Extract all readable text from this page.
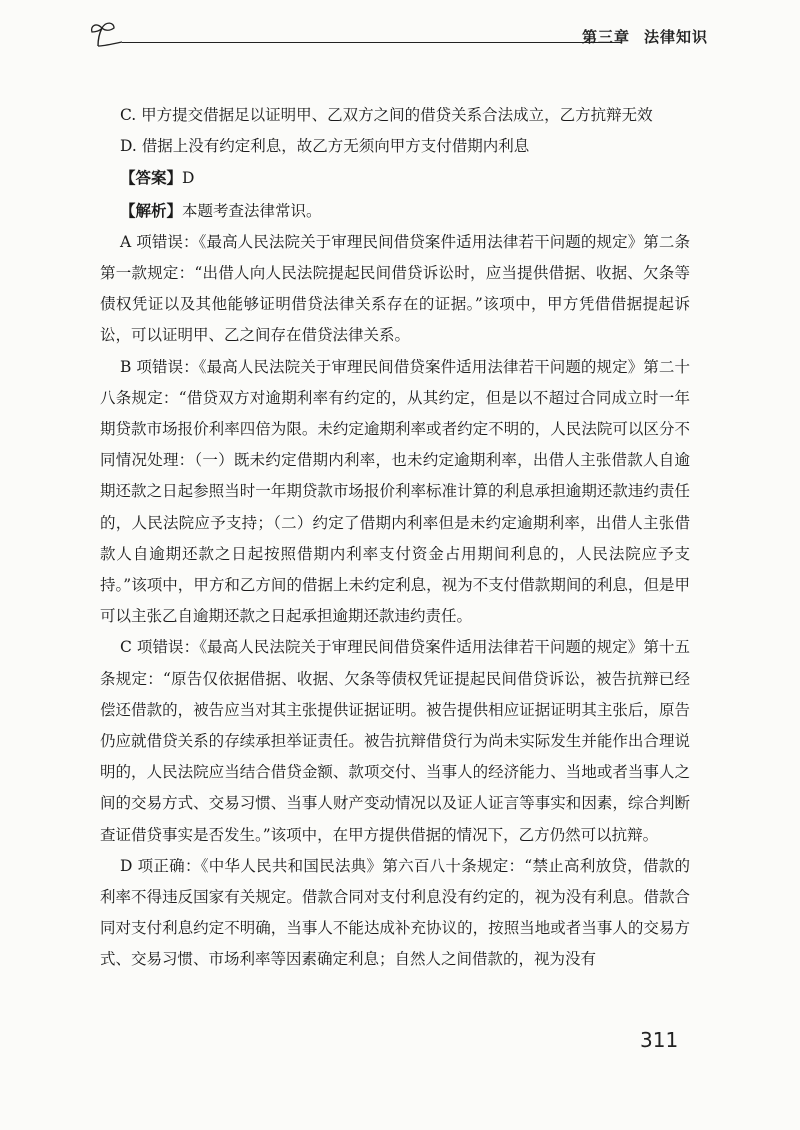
第三章 法律知识

C. 甲方提交借据足以证明甲、乙双方之间的借贷关系合法成立，乙方抗辩无效

D. 借据上没有约定利息，故乙方无须向甲方支付借期内利息

【答案】D

【解析】本题考查法律常识。

A 项错误：《最高人民法院关于审理民间借贷案件适用法律若干问题的规定》第二条第一款规定：“出借人向人民法院提起民间借贷诉讼时，应当提供借据、收据、欠条等债权凭证以及其他能够证明借贷法律关系存在的证据。”该项中，甲方凭借借据提起诉讼，可以证明甲、乙之间存在借贷法律关系。

B 项错误：《最高人民法院关于审理民间借贷案件适用法律若干问题的规定》第二十八条规定：“借贷双方对逾期利率有约定的，从其约定，但是以不超过合同成立时一年期贷款市场报价利率四倍为限。未约定逾期利率或者约定不明的，人民法院可以区分不同情况处理：（一）既未约定借期内利率，也未约定逾期利率，出借人主张借款人自逾期还款之日起参照当时一年期贷款市场报价利率标准计算的利息承担逾期还款违约责任的，人民法院应予支持；（二）约定了借期内利率但是未约定逾期利率，出借人主张借款人自逾期还款之日起按照借期内利率支付资金占用期间利息的，人民法院应予支持。”该项中，甲方和乙方间的借据上未约定利息，视为不支付借款期间的利息，但是甲可以主张乙自逾期还款之日起承担逾期还款违约责任。

C 项错误：《最高人民法院关于审理民间借贷案件适用法律若干问题的规定》第十五条规定：“原告仅依据借据、收据、欠条等债权凭证提起民间借贷诉讼，被告抗辩已经偿还借款的，被告应当对其主张提供证据证明。被告提供相应证据证明其主张后，原告仍应就借贷关系的存续承担举证责任。被告抗辩借贷行为尚未实际发生并能作出合理说明的，人民法院应当结合借贷金额、款项交付、当事人的经济能力、当地或者当事人之间的交易方式、交易习惯、当事人财产变动情况以及证人证言等事实和因素，综合判断查证借贷事实是否发生。”该项中，在甲方提供借据的情况下，乙方仍然可以抗辩。

D 项正确：《中华人民共和国民法典》第六百八十条规定：“禁止高利放贷，借款的利率不得违反国家有关规定。借款合同对支付利息没有约定的，视为没有利息。借款合同对支付利息约定不明确，当事人不能达成补充协议的，按照当地或者当事人的交易方式、交易习惯、市场利率等因素确定利息；自然人之间借款的，视为没有

311
